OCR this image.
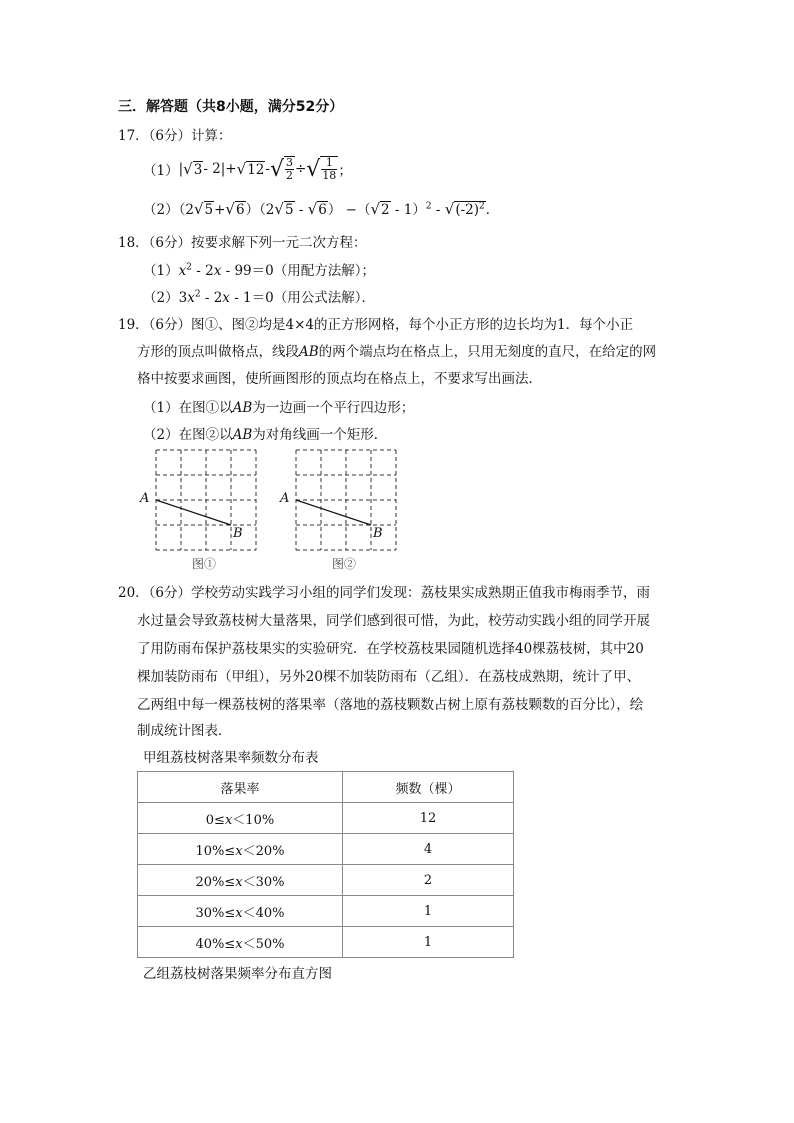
三．解答题（共8小题，满分52分）
17．（6分）计算：
（1） | √ 3 - 2|+ √ 12 - √ $\frac{3}{2}$ ÷ √ $\frac{1}{18}$ ；
$(2)(2√5+√6)(2√5 - √6) -(√2 - 1)^2 - √(-2)^2$．
18．（6分）按要求解下列一元二次方程：
$(1)x^2 - 2x - 99=0$（用配方法解）；
$(2)3x^2 - 2x - 1=0$（用公式法解）．
19．（6分）图①、图②均是4×4的正方形网格，每个小正方形的边长均为1．每个小正
方形的顶点叫做格点，线段AB的两个端点均在格点上，只用无刻度的直尺，在给定的网
格中按要求画图，使所画图形的顶点均在格点上，不要求写出画法．
（1）在图①以AB为一边画一个平行四边形；
（2）在图②以AB为对角线画一个矩形．
A
B
图①
A
B
图②
20．（6分）学校劳动实践学习小组的同学们发现：荔枝果实成熟期正值我市梅雨季节，雨
水过量会导致荔枝树大量落果，同学们感到很可惜，为此，校劳动实践小组的同学开展
了用防雨布保护荔枝果实的实验研究．在学校荔枝果园随机选择40棵荔枝树，其中20
棵加装防雨布（甲组），另外20棵不加装防雨布（乙组）．在荔枝成熟期，统计了甲、
乙两组中每一棵荔枝树的落果率（落地的荔枝颗数占树上原有荔枝颗数的百分比），绘
制成统计图表．
甲组荔枝树落果率频数分布表
落果率	频数（棵）
0≤x＜10%	12
10%≤x＜20%	4
20%≤x＜30%	2
30%≤x＜40%	1
40%≤x＜50%	1
乙组荔枝树落果频率分布直方图
